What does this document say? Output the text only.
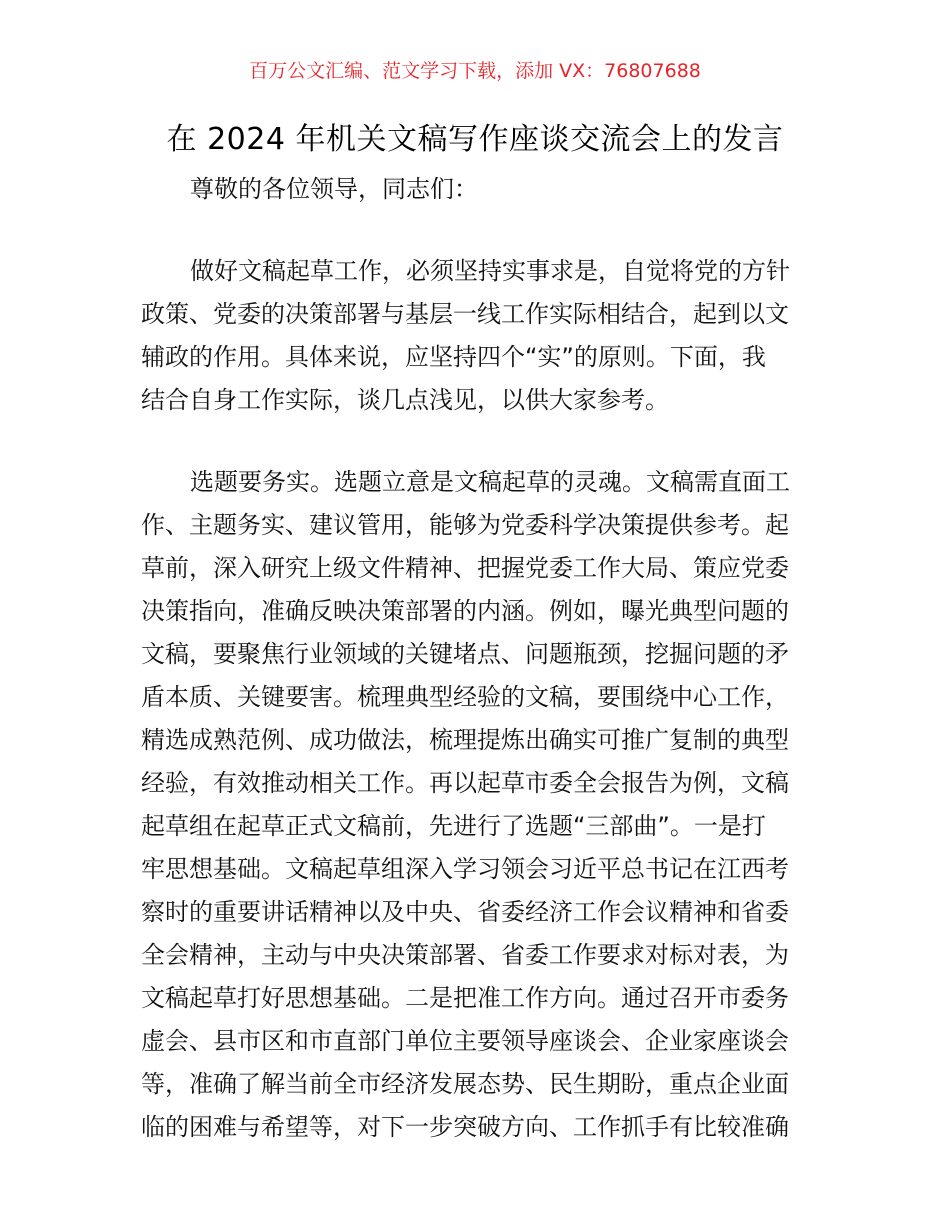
百万公文汇编、范文学习下载，添加 VX：76807688
在 2024 年机关文稿写作座谈交流会上的发言
尊敬的各位领导，同志们：
做好文稿起草工作，必须坚持实事求是，自觉将党的方针
政策、党委的决策部署与基层一线工作实际相结合，起到以文
辅政的作用。具体来说，应坚持四个“实”的原则。下面，我
结合自身工作实际，谈几点浅见，以供大家参考。
选题要务实。选题立意是文稿起草的灵魂。文稿需直面工
作、主题务实、建议管用，能够为党委科学决策提供参考。起
草前，深入研究上级文件精神、把握党委工作大局、策应党委
决策指向，准确反映决策部署的内涵。例如，曝光典型问题的
文稿，要聚焦行业领域的关键堵点、问题瓶颈，挖掘问题的矛
盾本质、关键要害。梳理典型经验的文稿，要围绕中心工作，
精选成熟范例、成功做法，梳理提炼出确实可推广复制的典型
经验，有效推动相关工作。再以起草市委全会报告为例，文稿
起草组在起草正式文稿前，先进行了选题“三部曲”。一是打
牢思想基础。文稿起草组深入学习领会习近平总书记在江西考
察时的重要讲话精神以及中央、省委经济工作会议精神和省委
全会精神，主动与中央决策部署、省委工作要求对标对表，为
文稿起草打好思想基础。二是把准工作方向。通过召开市委务
虚会、县市区和市直部门单位主要领导座谈会、企业家座谈会
等，准确了解当前全市经济发展态势、民生期盼，重点企业面
临的困难与希望等，对下一步突破方向、工作抓手有比较准确
